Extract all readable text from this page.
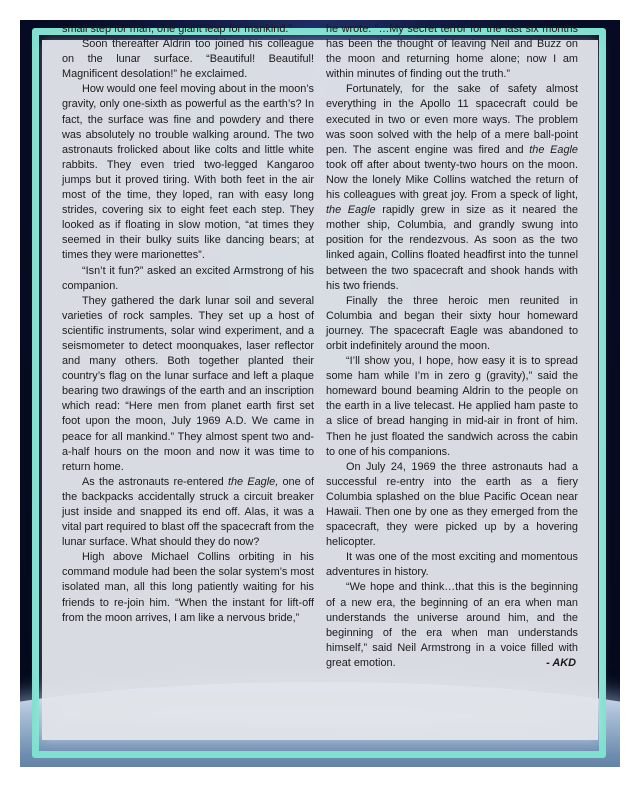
small step for man, one giant leap for mankind.”

Soon thereafter Aldrin too joined his colleague on the lunar surface. “Beautiful! Beautiful! Magnificent desolation!” he exclaimed.

How would one feel moving about in the moon’s gravity, only one-sixth as powerful as the earth’s? In fact, the surface was fine and powdery and there was absolutely no trouble walking around. The two astronauts frolicked about like colts and little white rabbits. They even tried two-legged Kangaroo jumps but it proved tiring. With both feet in the air most of the time, they loped, ran with easy long strides, covering six to eight feet each step. They looked as if floating in slow motion, “at times they seemed in their bulky suits like dancing bears; at times they were marionettes”.

“Isn’t it fun?” asked an excited Armstrong of his companion.

They gathered the dark lunar soil and several varieties of rock samples. They set up a host of scientific instruments, solar wind experiment, and a seismometer to detect moonquakes, laser reflector and many others. Both together planted their country’s flag on the lunar surface and left a plaque bearing two drawings of the earth and an inscription which read: “Here men from planet earth first set foot upon the moon, July 1969 A.D. We came in peace for all mankind.” They almost spent two and-a-half hours on the moon and now it was time to return home.

As the astronauts re-entered the Eagle, one of the backpacks accidentally struck a circuit breaker just inside and snapped its end off. Alas, it was a vital part required to blast off the spacecraft from the lunar surface. What should they do now?

High above Michael Collins orbiting in his command module had been the solar system’s most isolated man, all this long patiently waiting for his friends to re-join him. “When the instant for lift-off from the moon arrives, I am like a nervous bride,”

he wrote. “…My secret terror for the last six months has been the thought of leaving Neil and Buzz on the moon and returning home alone; now I am within minutes of finding out the truth.”

Fortunately, for the sake of safety almost everything in the Apollo 11 spacecraft could be executed in two or even more ways. The problem was soon solved with the help of a mere ball-point pen. The ascent engine was fired and the Eagle took off after about twenty-two hours on the moon. Now the lonely Mike Collins watched the return of his colleagues with great joy. From a speck of light, the Eagle rapidly grew in size as it neared the mother ship, Columbia, and grandly swung into position for the rendezvous. As soon as the two linked again, Collins floated headfirst into the tunnel between the two spacecraft and shook hands with his two friends.

Finally the three heroic men reunited in Columbia and began their sixty hour homeward journey. The spacecraft Eagle was abandoned to orbit indefinitely around the moon.

“I’ll show you, I hope, how easy it is to spread some ham while I’m in zero g (gravity),” said the homeward bound beaming Aldrin to the people on the earth in a live telecast. He applied ham paste to a slice of bread hanging in mid-air in front of him. Then he just floated the sandwich across the cabin to one of his companions.

On July 24, 1969 the three astronauts had a successful re-entry into the earth as a fiery Columbia splashed on the blue Pacific Ocean near Hawaii. Then one by one as they emerged from the spacecraft, they were picked up by a hovering helicopter.

It was one of the most exciting and momentous adventures in history.

“We hope and think…that this is the beginning of a new era, the beginning of an era when man understands the universe around him, and the beginning of the era when man understands himself,” said Neil Armstrong in a voice filled with great emotion.	- AKD
